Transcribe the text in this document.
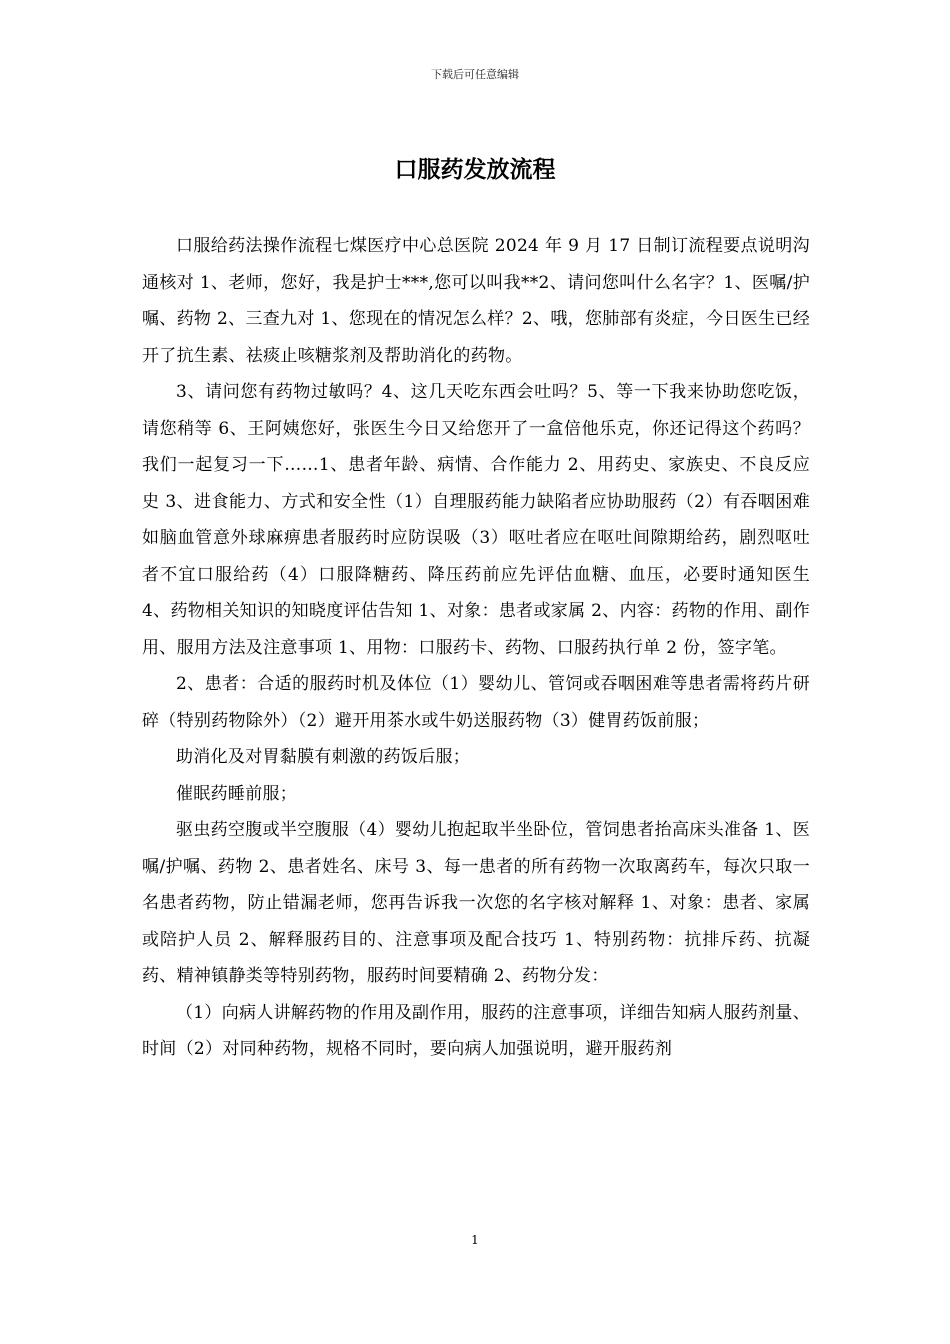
下载后可任意编辑
口服药发放流程

口服给药法操作流程七煤医疗中心总医院 2024 年 9 月 17 日制订流程要点说明沟通核对 1、老师，您好，我是护士***,您可以叫我**2、请问您叫什么名字？1、医嘱/护嘱、药物 2、三查九对 1、您现在的情况怎么样？2、哦，您肺部有炎症，今日医生已经开了抗生素、祛痰止咳糖浆剂及帮助消化的药物。

3、请问您有药物过敏吗？4、这几天吃东西会吐吗？5、等一下我来协助您吃饭，请您稍等 6、王阿姨您好，张医生今日又给您开了一盒倍他乐克，你还记得这个药吗？我们一起复习一下……1、患者年龄、病情、合作能力 2、用药史、家族史、不良反应史 3、进食能力、方式和安全性（1）自理服药能力缺陷者应协助服药（2）有吞咽困难如脑血管意外球麻痹患者服药时应防误吸（3）呕吐者应在呕吐间隙期给药，剧烈呕吐者不宜口服给药（4）口服降糖药、降压药前应先评估血糖、血压，必要时通知医生 4、药物相关知识的知晓度评估告知 1、对象：患者或家属 2、内容：药物的作用、副作用、服用方法及注意事项 1、用物：口服药卡、药物、口服药执行单 2 份，签字笔。

2、患者：合适的服药时机及体位（1）婴幼儿、管饲或吞咽困难等患者需将药片研碎（特别药物除外）（2）避开用茶水或牛奶送服药物（3）健胃药饭前服；

助消化及对胃黏膜有刺激的药饭后服；

催眠药睡前服；

驱虫药空腹或半空腹服（4）婴幼儿抱起取半坐卧位，管饲患者抬高床头准备 1、医嘱/护嘱、药物 2、患者姓名、床号 3、每一患者的所有药物一次取离药车，每次只取一名患者药物，防止错漏老师，您再告诉我一次您的名字核对解释 1、对象：患者、家属或陪护人员 2、解释服药目的、注意事项及配合技巧 1、特别药物：抗排斥药、抗凝药、精神镇静类等特别药物，服药时间要精确 2、药物分发：

（1）向病人讲解药物的作用及副作用，服药的注意事项，详细告知病人服药剂量、时间（2）对同种药物，规格不同时，要向病人加强说明，避开服药剂

1
